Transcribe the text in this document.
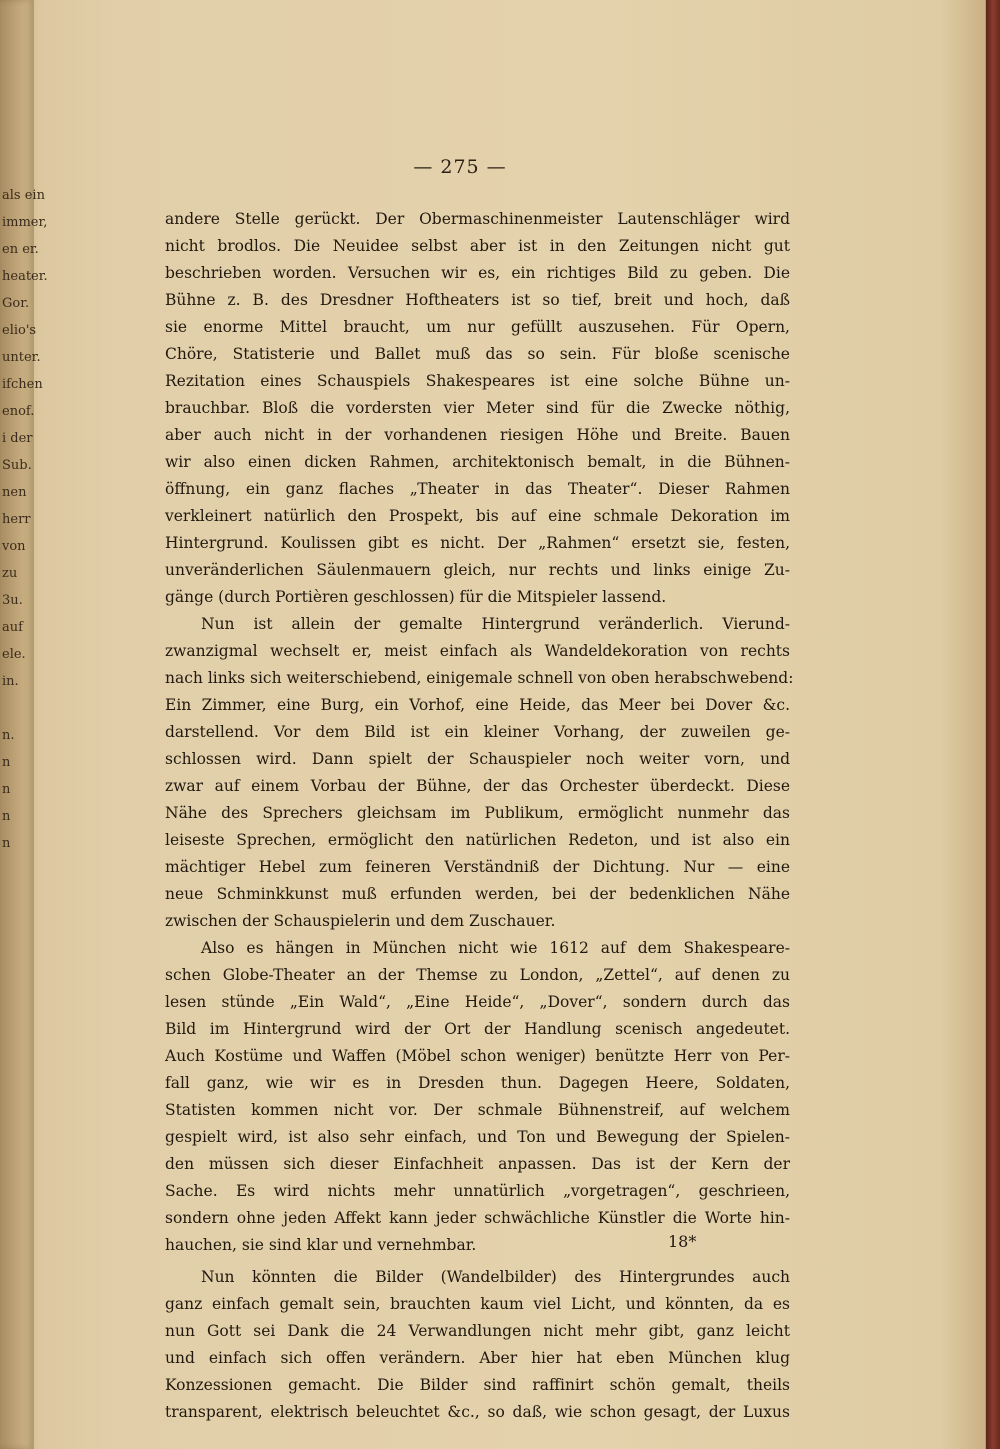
als ein
immer,
en er.
heater.
Gor.
elio's
unter.
ifchen
enof.
i der
Sub.
nen
herr
von
zu
3u.
auf
ele.
in.
n.
n
n
n
n
— 275 —
andere Stelle gerückt. Der Obermaschinenmeister Lautenschläger wird
nicht brodlos. Die Neuidee selbst aber ist in den Zeitungen nicht gut
beschrieben worden. Versuchen wir es, ein richtiges Bild zu geben. Die
Bühne z. B. des Dresdner Hoftheaters ist so tief, breit und hoch, daß
sie enorme Mittel braucht, um nur gefüllt auszusehen. Für Opern,
Chöre, Statisterie und Ballet muß das so sein. Für bloße scenische
Rezitation eines Schauspiels Shakespeares ist eine solche Bühne un-
brauchbar. Bloß die vordersten vier Meter sind für die Zwecke nöthig,
aber auch nicht in der vorhandenen riesigen Höhe und Breite. Bauen
wir also einen dicken Rahmen, architektonisch bemalt, in die Bühnen-
öffnung, ein ganz flaches „Theater in das Theater“. Dieser Rahmen
verkleinert natürlich den Prospekt, bis auf eine schmale Dekoration im
Hintergrund. Koulissen gibt es nicht. Der „Rahmen“ ersetzt sie, festen,
unveränderlichen Säulenmauern gleich, nur rechts und links einige Zu-
gänge (durch Portièren geschlossen) für die Mitspieler lassend.
Nun ist allein der gemalte Hintergrund veränderlich. Vierund-
zwanzigmal wechselt er, meist einfach als Wandeldekoration von rechts
nach links sich weiterschiebend, einigemale schnell von oben herabschwebend:
Ein Zimmer, eine Burg, ein Vorhof, eine Heide, das Meer bei Dover &c.
darstellend. Vor dem Bild ist ein kleiner Vorhang, der zuweilen ge-
schlossen wird. Dann spielt der Schauspieler noch weiter vorn, und
zwar auf einem Vorbau der Bühne, der das Orchester überdeckt. Diese
Nähe des Sprechers gleichsam im Publikum, ermöglicht nunmehr das
leiseste Sprechen, ermöglicht den natürlichen Redeton, und ist also ein
mächtiger Hebel zum feineren Verständniß der Dichtung. Nur — eine
neue Schminkkunst muß erfunden werden, bei der bedenklichen Nähe
zwischen der Schauspielerin und dem Zuschauer.
Also es hängen in München nicht wie 1612 auf dem Shakespeare-
schen Globe-Theater an der Themse zu London, „Zettel“, auf denen zu
lesen stünde „Ein Wald“, „Eine Heide“, „Dover“, sondern durch das
Bild im Hintergrund wird der Ort der Handlung scenisch angedeutet.
Auch Kostüme und Waffen (Möbel schon weniger) benützte Herr von Per-
fall ganz, wie wir es in Dresden thun. Dagegen Heere, Soldaten,
Statisten kommen nicht vor. Der schmale Bühnenstreif, auf welchem
gespielt wird, ist also sehr einfach, und Ton und Bewegung der Spielen-
den müssen sich dieser Einfachheit anpassen. Das ist der Kern der
Sache. Es wird nichts mehr unnatürlich „vorgetragen“, geschrieen,
sondern ohne jeden Affekt kann jeder schwächliche Künstler die Worte hin-
hauchen, sie sind klar und vernehmbar.
Nun könnten die Bilder (Wandelbilder) des Hintergrundes auch
ganz einfach gemalt sein, brauchten kaum viel Licht, und könnten, da es
nun Gott sei Dank die 24 Verwandlungen nicht mehr gibt, ganz leicht
und einfach sich offen verändern. Aber hier hat eben München klug
Konzessionen gemacht. Die Bilder sind raffinirt schön gemalt, theils
transparent, elektrisch beleuchtet &c., so daß, wie schon gesagt, der Luxus
18*
